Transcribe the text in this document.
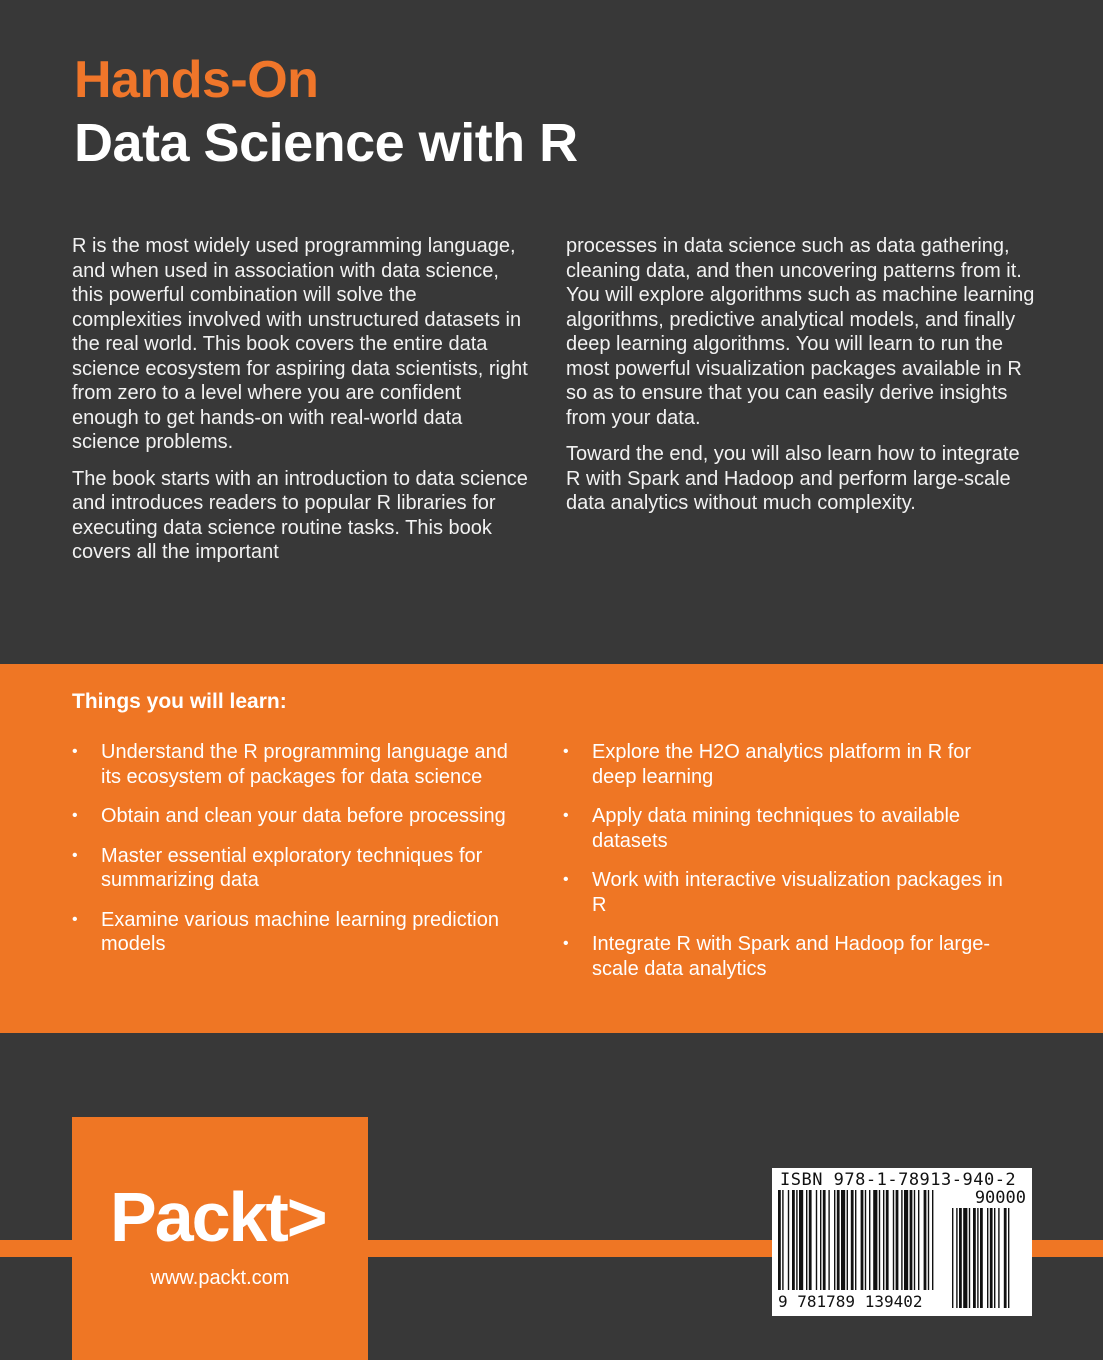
Hands-On
Data Science with R

R is the most widely used programming language, and when used in association with data science, this powerful combination will solve the complexities involved with unstructured datasets in the real world. This book covers the entire data science ecosystem for aspiring data scientists, right from zero to a level where you are confident enough to get hands-on with real-world data science problems.

The book starts with an introduction to data science and introduces readers to popular R libraries for executing data science routine tasks. This book covers all the important

processes in data science such as data gathering, cleaning data, and then uncovering patterns from it. You will explore algorithms such as machine learning algorithms, predictive analytical models, and finally deep learning algorithms. You will learn to run the most powerful visualization packages available in R so as to ensure that you can easily derive insights from your data.

Toward the end, you will also learn how to integrate R with Spark and Hadoop and perform large-scale data analytics without much complexity.

Things you will learn:
• Understand the R programming language and its ecosystem of packages for data science
• Obtain and clean your data before processing
• Master essential exploratory techniques for summarizing data
• Examine various machine learning prediction models
• Explore the H2O analytics platform in R for deep learning
• Apply data mining techniques to available datasets
• Work with interactive visualization packages in R
• Integrate R with Spark and Hadoop for large-scale data analytics
Packt>
www.packt.com
ISBN 978-1-78913-940-2
90000
9 781789 139402
